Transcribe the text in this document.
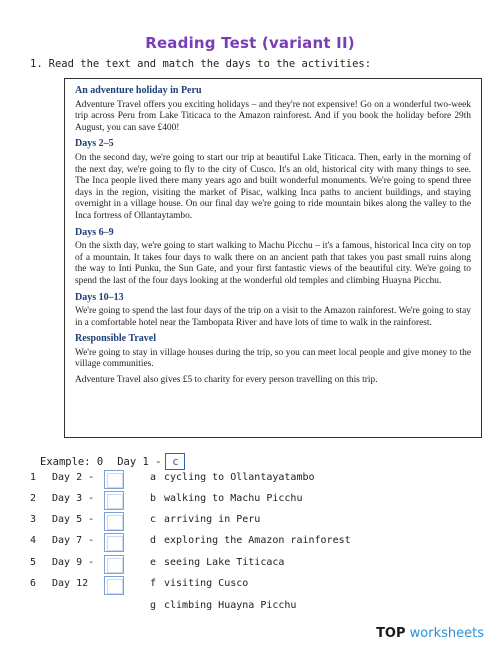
Reading Test (variant II)
1. Read the text and match the days to the activities:
An adventure holiday in Peru

Adventure Travel offers you exciting holidays – and they're not expensive! Go on a wonderful two-week trip across Peru from Lake Titicaca to the Amazon rainforest. And if you book the holiday before 29th August, you can save £400!

Days 2–5

On the second day, we're going to start our trip at beautiful Lake Titicaca. Then, early in the morning of the next day, we're going to fly to the city of Cusco. It's an old, historical city with many things to see. The Inca people lived there many years ago and built wonderful monuments. We're going to spend three days in the region, visiting the market of Pisac, walking Inca paths to ancient buildings, and staying overnight in a village house. On our final day we're going to ride mountain bikes along the valley to the Inca fortress of Ollantaytambo.

Days 6–9

On the sixth day, we're going to start walking to Machu Picchu – it's a famous, historical Inca city on top of a mountain. It takes four days to walk there on an ancient path that takes you past small ruins along the way to Inti Punku, the Sun Gate, and your first fantastic views of the beautiful city. We're going to spend the last of the four days looking at the wonderful old temples and climbing Huayna Picchu.

Days 10–13

We're going to spend the last four days of the trip on a visit to the Amazon rainforest. We're going to stay in a comfortable hotel near the Tambopata River and have lots of time to walk in the rainforest.

Responsible Travel

We're going to stay in village houses during the trip, so you can meet local people and give money to the village communities.

Adventure Travel also gives £5 to charity for every person travelling on this trip.

Example: 0 Day 1 - c
1 Day 2 -	a cycling to Ollantayatambo
2 Day 3 -	b walking to Machu Picchu
3 Day 5 -	c arriving in Peru
4 Day 7 -	d exploring the Amazon rainforest
5 Day 9 -	e seeing Lake Titicaca
6 Day 12	f visiting Cusco
g climbing Huayna Picchu
TOP worksheets
